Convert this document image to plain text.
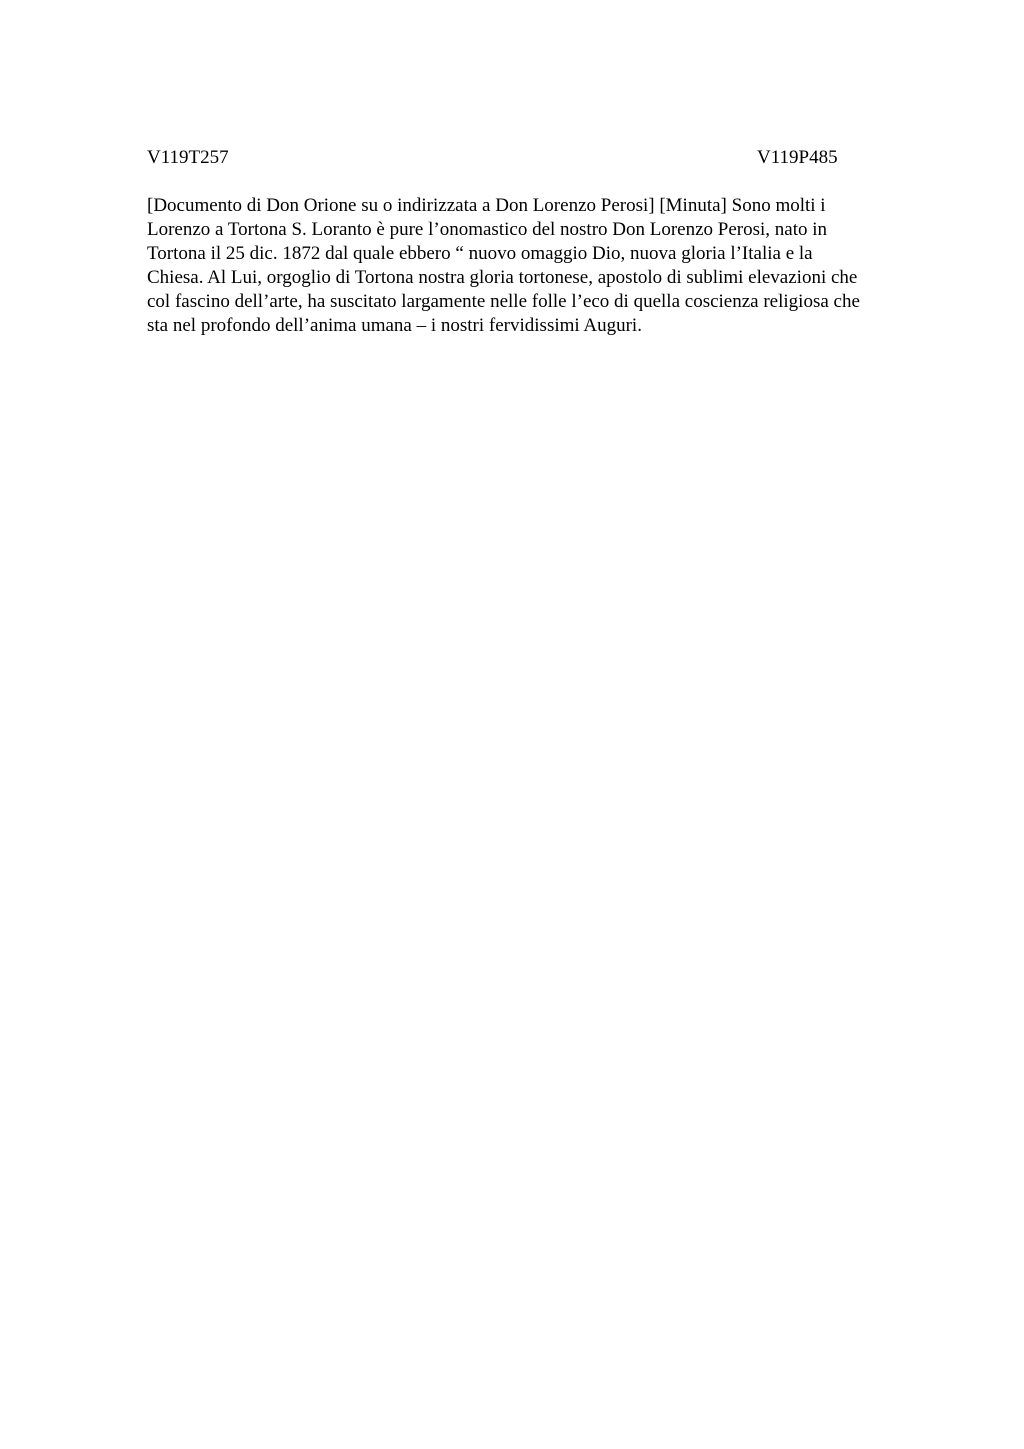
V119T257	V119P485
[Documento di Don Orione su o indirizzata a Don Lorenzo Perosi] [Minuta] Sono molti i
Lorenzo a Tortona S. Loranto è pure l’onomastico del nostro Don Lorenzo Perosi, nato in
Tortona il 25 dic. 1872 dal quale ebbero “ nuovo omaggio Dio, nuova gloria l’Italia e la
Chiesa. Al Lui, orgoglio di Tortona nostra gloria tortonese, apostolo di sublimi elevazioni che
col fascino dell’arte, ha suscitato largamente nelle folle l’eco di quella coscienza religiosa che
sta nel profondo dell’anima umana – i nostri fervidissimi Auguri.
